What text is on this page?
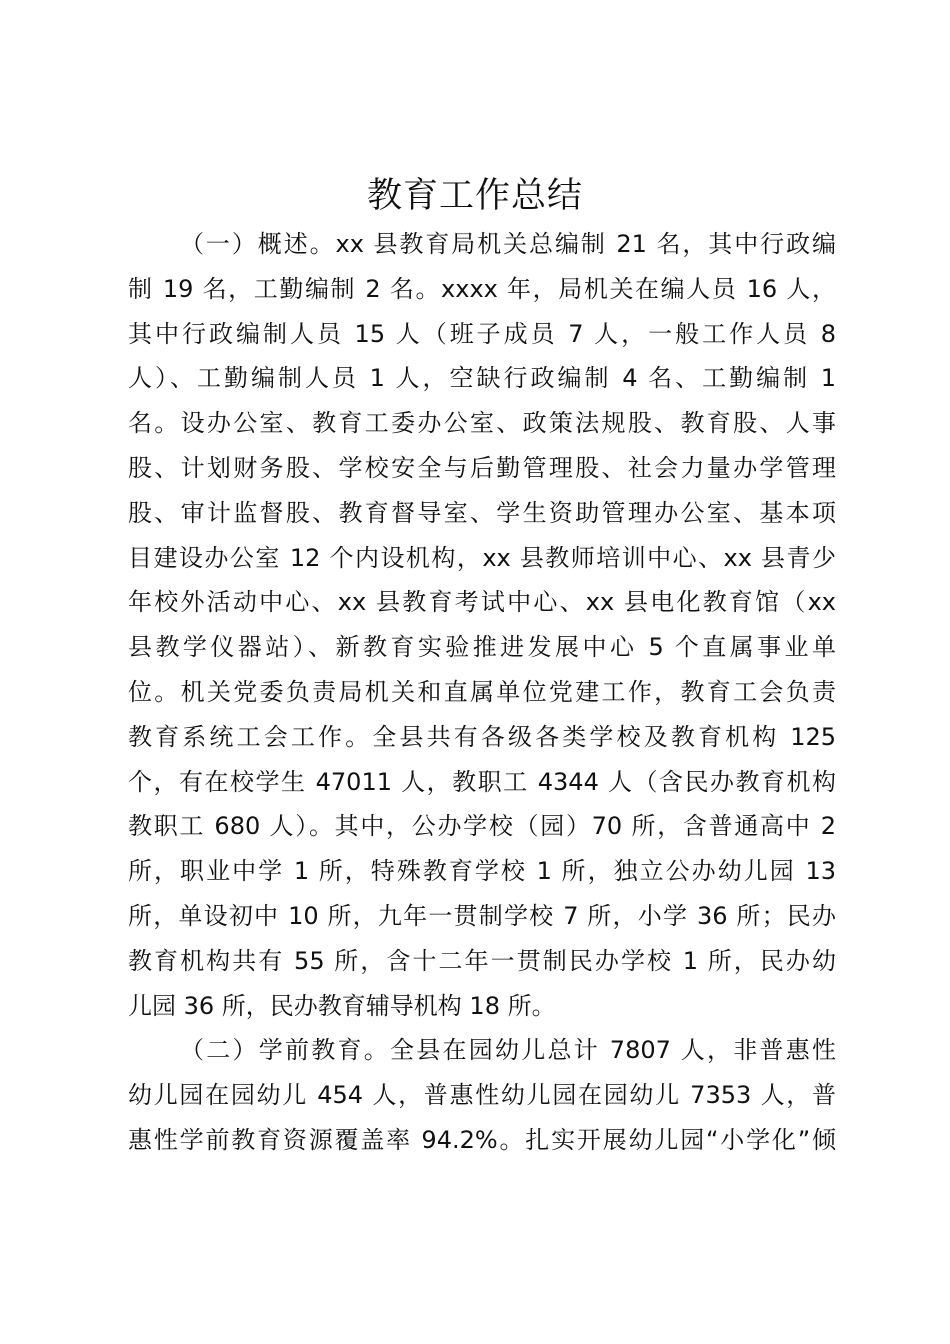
教育工作总结
（一）概述。xx 县教育局机关总编制 21 名，其中行政编
制 19 名，工勤编制 2 名。xxxx 年，局机关在编人员 16 人，
其中行政编制人员 15 人（班子成员 7 人，一般工作人员 8
人）、工勤编制人员 1 人，空缺行政编制 4 名、工勤编制 1
名。设办公室、教育工委办公室、政策法规股、教育股、人事
股、计划财务股、学校安全与后勤管理股、社会力量办学管理
股、审计监督股、教育督导室、学生资助管理办公室、基本项
目建设办公室 12 个内设机构，xx 县教师培训中心、xx 县青少
年校外活动中心、xx 县教育考试中心、xx 县电化教育馆（xx
县教学仪器站）、新教育实验推进发展中心 5 个直属事业单
位。机关党委负责局机关和直属单位党建工作，教育工会负责
教育系统工会工作。全县共有各级各类学校及教育机构 125
个，有在校学生 47011 人，教职工 4344 人（含民办教育机构
教职工 680 人）。其中，公办学校（园）70 所，含普通高中 2
所，职业中学 1 所，特殊教育学校 1 所，独立公办幼儿园 13
所，单设初中 10 所，九年一贯制学校 7 所，小学 36 所；民办
教育机构共有 55 所，含十二年一贯制民办学校 1 所，民办幼
儿园 36 所，民办教育辅导机构 18 所。
（二）学前教育。全县在园幼儿总计 7807 人，非普惠性
幼儿园在园幼儿 454 人，普惠性幼儿园在园幼儿 7353 人，普
惠性学前教育资源覆盖率 94.2%。扎实开展幼儿园“小学化”倾
